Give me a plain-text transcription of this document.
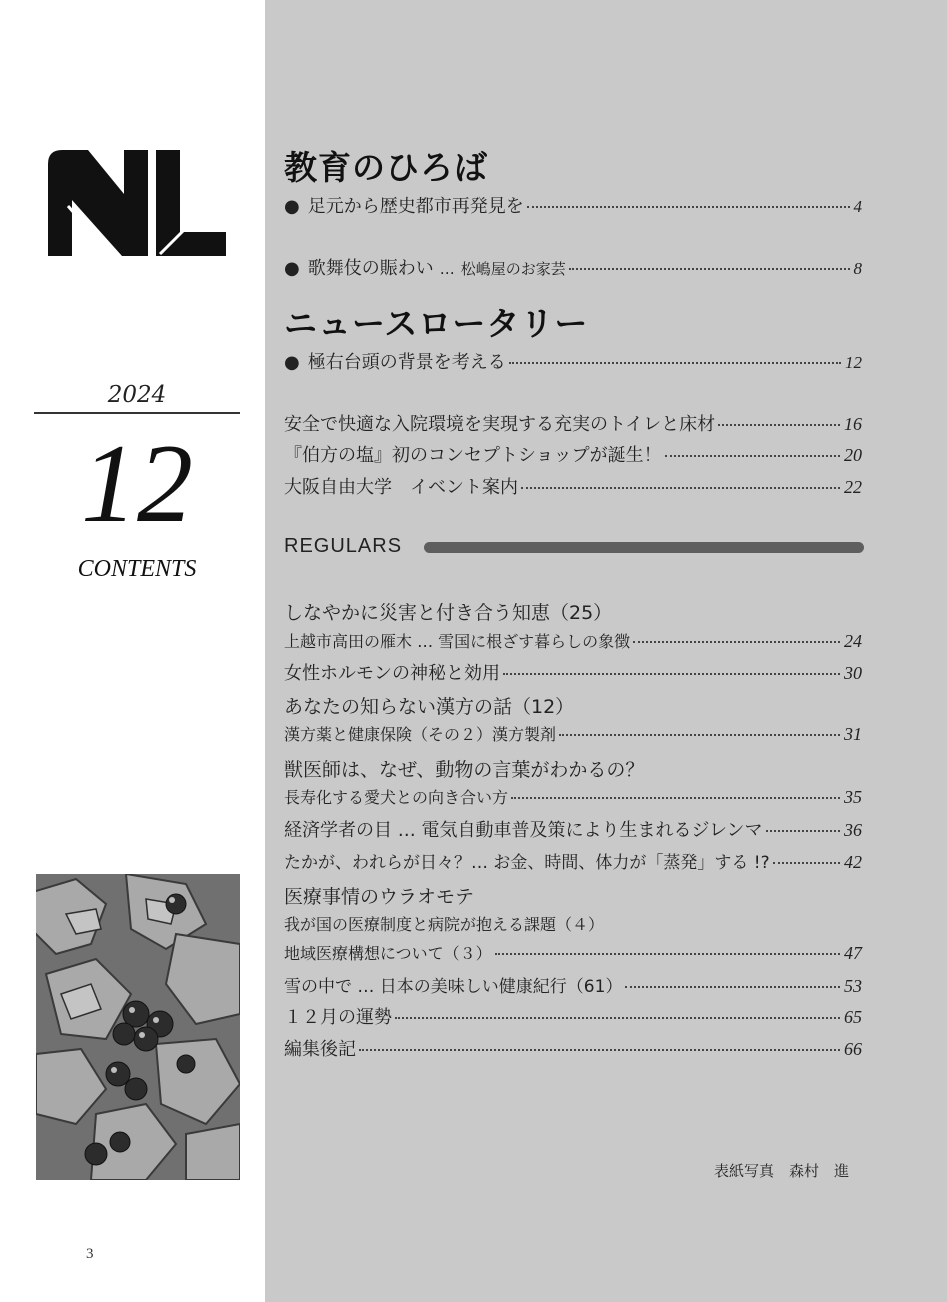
2024
12
CONTENTS
3
教育のひろば
● 足元から歴史都市再発見を	4
● 歌舞伎の賑わい … 松嶋屋のお家芸	8
ニュースロータリー
● 極右台頭の背景を考える	12
安全で快適な入院環境を実現する充実のトイレと床材	16
『伯方の塩』初のコンセプトショップが誕生！	20
大阪自由大学　イベント案内	22
REGULARS
しなやかに災害と付き合う知恵（25）
上越市高田の雁木 … 雪国に根ざす暮らしの象徴	24
女性ホルモンの神秘と効用	30
あなたの知らない漢方の話（12）
漢方薬と健康保険（その２）漢方製剤	31
獣医師は、なぜ、動物の言葉がわかるの？
長寿化する愛犬との向き合い方	35
経済学者の目 … 電気自動車普及策により生まれるジレンマ	36
たかが、われらが日々？… お金、時間、体力が「蒸発」する !?	42
医療事情のウラオモテ
我が国の医療制度と病院が抱える課題（４）
地域医療構想について（３）	47
雪の中で … 日本の美味しい健康紀行（61）	53
１２月の運勢	65
編集後記	66
表紙写真　森村　進
